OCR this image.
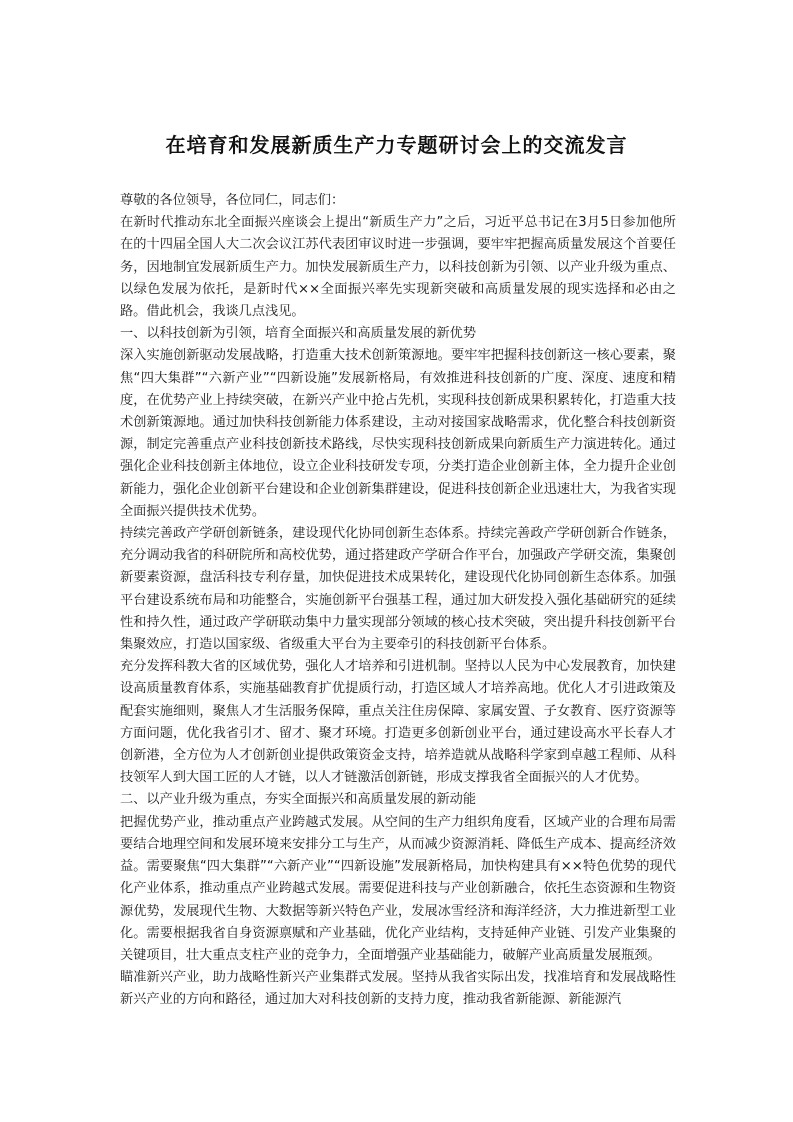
在培育和发展新质生产力专题研讨会上的交流发言

尊敬的各位领导，各位同仁，同志们：

在新时代推动东北全面振兴座谈会上提出“新质生产力”之后，习近平总书记在3月5日参加他所在的十四届全国人大二次会议江苏代表团审议时进一步强调，要牢牢把握高质量发展这个首要任务，因地制宜发展新质生产力。加快发展新质生产力，以科技创新为引领、以产业升级为重点、以绿色发展为依托，是新时代××全面振兴率先实现新突破和高质量发展的现实选择和必由之路。借此机会，我谈几点浅见。

一、以科技创新为引领，培育全面振兴和高质量发展的新优势

深入实施创新驱动发展战略，打造重大技术创新策源地。要牢牢把握科技创新这一核心要素，聚焦“四大集群”“六新产业”“四新设施”发展新格局，有效推进科技创新的广度、深度、速度和精度，在优势产业上持续突破，在新兴产业中抢占先机，实现科技创新成果积累转化，打造重大技术创新策源地。通过加快科技创新能力体系建设，主动对接国家战略需求，优化整合科技创新资源，制定完善重点产业科技创新技术路线，尽快实现科技创新成果向新质生产力演进转化。通过强化企业科技创新主体地位，设立企业科技研发专项，分类打造企业创新主体，全力提升企业创新能力，强化企业创新平台建设和企业创新集群建设，促进科技创新企业迅速壮大，为我省实现全面振兴提供技术优势。

持续完善政产学研创新链条，建设现代化协同创新生态体系。持续完善政产学研创新合作链条，充分调动我省的科研院所和高校优势，通过搭建政产学研合作平台，加强政产学研交流，集聚创新要素资源，盘活科技专利存量，加快促进技术成果转化，建设现代化协同创新生态体系。加强平台建设系统布局和功能整合，实施创新平台强基工程，通过加大研发投入强化基础研究的延续性和持久性，通过政产学研联动集中力量实现部分领域的核心技术突破，突出提升科技创新平台集聚效应，打造以国家级、省级重大平台为主要牵引的科技创新平台体系。

充分发挥科教大省的区域优势，强化人才培养和引进机制。坚持以人民为中心发展教育，加快建设高质量教育体系，实施基础教育扩优提质行动，打造区域人才培养高地。优化人才引进政策及配套实施细则，聚焦人才生活服务保障，重点关注住房保障、家属安置、子女教育、医疗资源等方面问题，优化我省引才、留才、聚才环境。打造更多创新创业平台，通过建设高水平长春人才创新港，全方位为人才创新创业提供政策资金支持，培养造就从战略科学家到卓越工程师、从科技领军人到大国工匠的人才链，以人才链激活创新链，形成支撑我省全面振兴的人才优势。

二、以产业升级为重点，夯实全面振兴和高质量发展的新动能

把握优势产业，推动重点产业跨越式发展。从空间的生产力组织角度看，区域产业的合理布局需要结合地理空间和发展环境来安排分工与生产，从而减少资源消耗、降低生产成本、提高经济效益。需要聚焦“四大集群”“六新产业”“四新设施”发展新格局，加快构建具有××特色优势的现代化产业体系，推动重点产业跨越式发展。需要促进科技与产业创新融合，依托生态资源和生物资源优势，发展现代生物、大数据等新兴特色产业，发展冰雪经济和海洋经济，大力推进新型工业化。需要根据我省自身资源禀赋和产业基础，优化产业结构，支持延伸产业链、引发产业集聚的关键项目，壮大重点支柱产业的竞争力，全面增强产业基础能力，破解产业高质量发展瓶颈。

瞄准新兴产业，助力战略性新兴产业集群式发展。坚持从我省实际出发，找准培育和发展战略性新兴产业的方向和路径，通过加大对科技创新的支持力度，推动我省新能源、新能源汽
